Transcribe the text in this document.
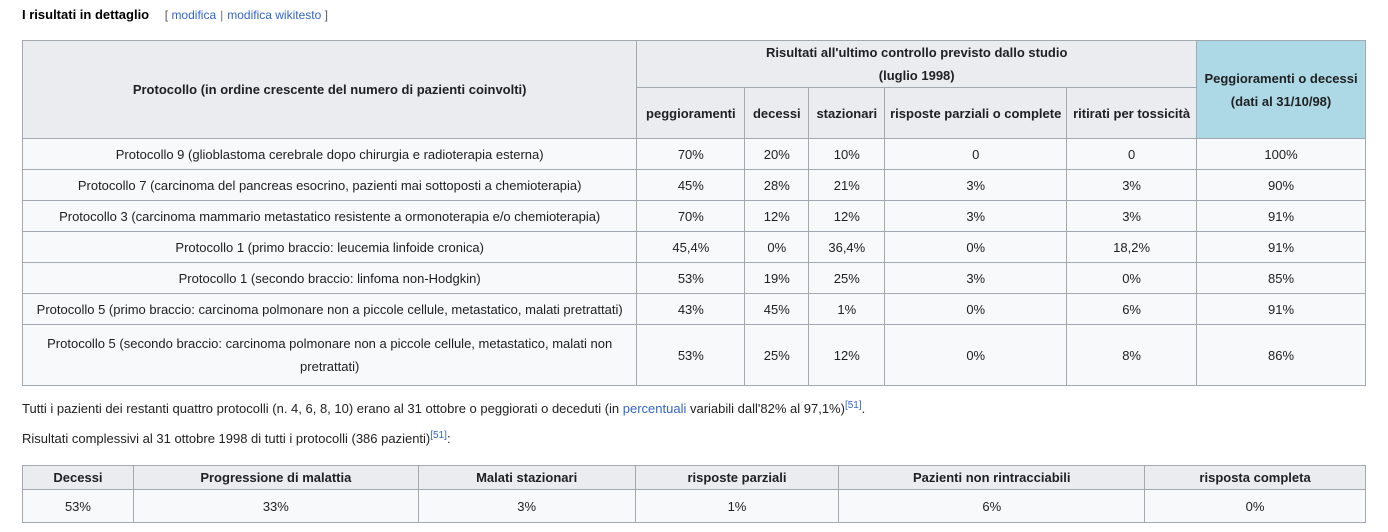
I risultati in dettaglio [ modifica | modifica wikitesto ]
Protocollo (in ordine crescente del numero di pazienti coinvolti)	Risultati all'ultimo controllo previsto dallo studio
(luglio 1998)					Peggioramenti o decessi
(dati al 31/10/98)
	peggioramenti	decessi	stazionari	risposte parziali o complete	ritirati per tossicità	
Protocollo 9 (glioblastoma cerebrale dopo chirurgia e radioterapia esterna)	70%	20%	10%	0	0	100%
Protocollo 7 (carcinoma del pancreas esocrino, pazienti mai sottoposti a chemioterapia)	45%	28%	21%	3%	3%	90%
Protocollo 3 (carcinoma mammario metastatico resistente a ormonoterapia e/o chemioterapia)	70%	12%	12%	3%	3%	91%
Protocollo 1 (primo braccio: leucemia linfoide cronica)	45,4%	0%	36,4%	0%	18,2%	91%
Protocollo 1 (secondo braccio: linfoma non-Hodgkin)	53%	19%	25%	3%	0%	85%
Protocollo 5 (primo braccio: carcinoma polmonare non a piccole cellule, metastatico, malati pretrattati)	43%	45%	1%	0%	6%	91%
Protocollo 5 (secondo braccio: carcinoma polmonare non a piccole cellule, metastatico, malati non pretrattati)	53%	25%	12%	0%	8%	86%

Tutti i pazienti dei restanti quattro protocolli (n. 4, 6, 8, 10) erano al 31 ottobre o peggiorati o deceduti (in percentuali variabili dall'82% al 97,1%)[51].

Risultati complessivi al 31 ottobre 1998 di tutti i protocolli (386 pazienti)[51]:

Decessi	Progressione di malattia	Malati stazionari	risposte parziali	Pazienti non rintracciabili	risposta completa
53%	33%	3%	1%	6%	0%
